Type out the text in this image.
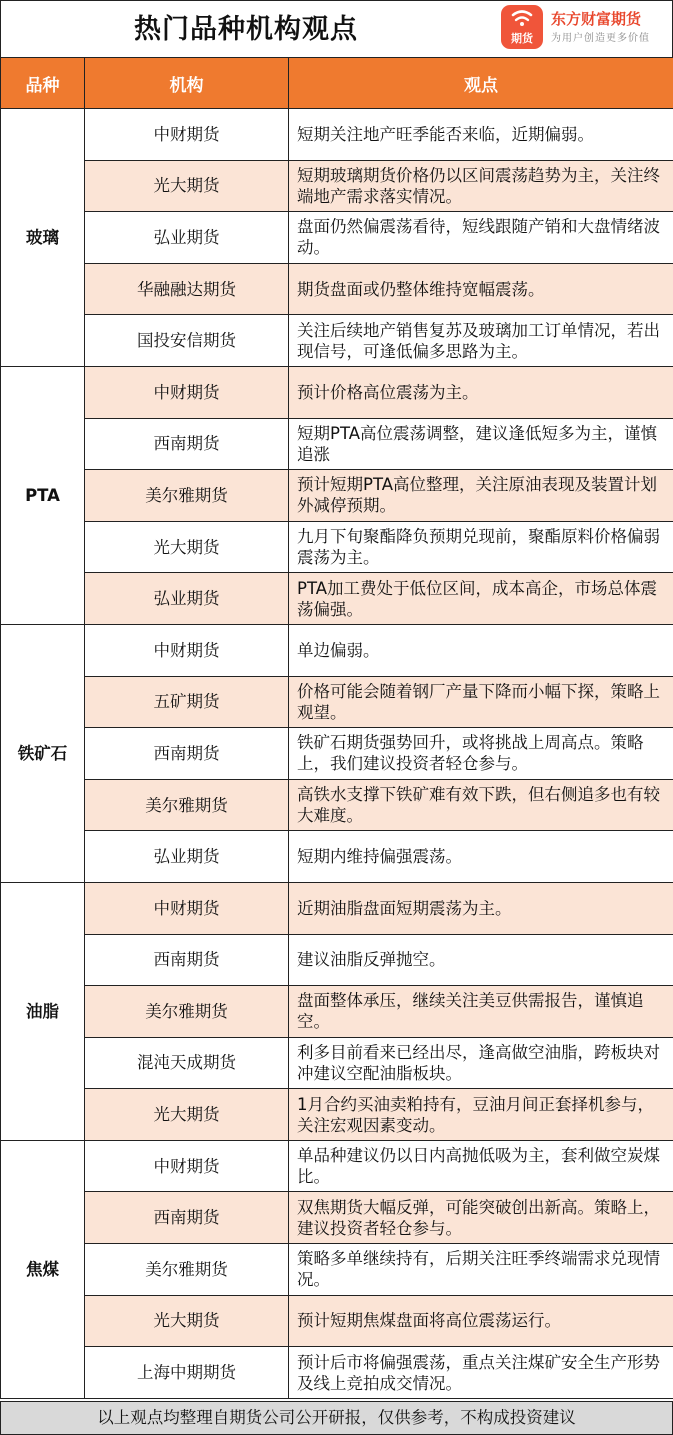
热门品种机构观点	期货
东方财富期货
为用户创造更多价值
品种	机构	观点
玻璃	中财期货	短期关注地产旺季能否来临，近期偏弱。
	光大期货	短期玻璃期货价格仍以区间震荡趋势为主，关注终端地产需求落实情况。
	弘业期货	盘面仍然偏震荡看待，短线跟随产销和大盘情绪波动。
	华融融达期货	期货盘面或仍整体维持宽幅震荡。
	国投安信期货	关注后续地产销售复苏及玻璃加工订单情况，若出现信号，可逢低偏多思路为主。
PTA	中财期货	预计价格高位震荡为主。
	西南期货	短期PTA高位震荡调整，建议逢低短多为主，谨慎追涨
	美尔雅期货	预计短期PTA高位整理，关注原油表现及装置计划外减停预期。
	光大期货	九月下旬聚酯降负预期兑现前，聚酯原料价格偏弱震荡为主。
	弘业期货	PTA加工费处于低位区间，成本高企，市场总体震荡偏强。
铁矿石	中财期货	单边偏弱。
	五矿期货	价格可能会随着钢厂产量下降而小幅下探，策略上观望。
	西南期货	铁矿石期货强势回升，或将挑战上周高点。策略上，我们建议投资者轻仓参与。
	美尔雅期货	高铁水支撑下铁矿难有效下跌，但右侧追多也有较大难度。
	弘业期货	短期内维持偏强震荡。
油脂	中财期货	近期油脂盘面短期震荡为主。
	西南期货	建议油脂反弹抛空。
	美尔雅期货	盘面整体承压，继续关注美豆供需报告，谨慎追空。
	混沌天成期货	利多目前看来已经出尽，逢高做空油脂，跨板块对冲建议空配油脂板块。
	光大期货	1月合约买油卖粕持有，豆油月间正套择机参与，关注宏观因素变动。
焦煤	中财期货	单品种建议仍以日内高抛低吸为主，套利做空炭煤比。
	西南期货	双焦期货大幅反弹，可能突破创出新高。策略上，建议投资者轻仓参与。
	美尔雅期货	策略多单继续持有，后期关注旺季终端需求兑现情况。
	光大期货	预计短期焦煤盘面将高位震荡运行。
	上海中期期货	预计后市将偏强震荡，重点关注煤矿安全生产形势及线上竞拍成交情况。
以上观点均整理自期货公司公开研报，仅供参考，不构成投资建议
